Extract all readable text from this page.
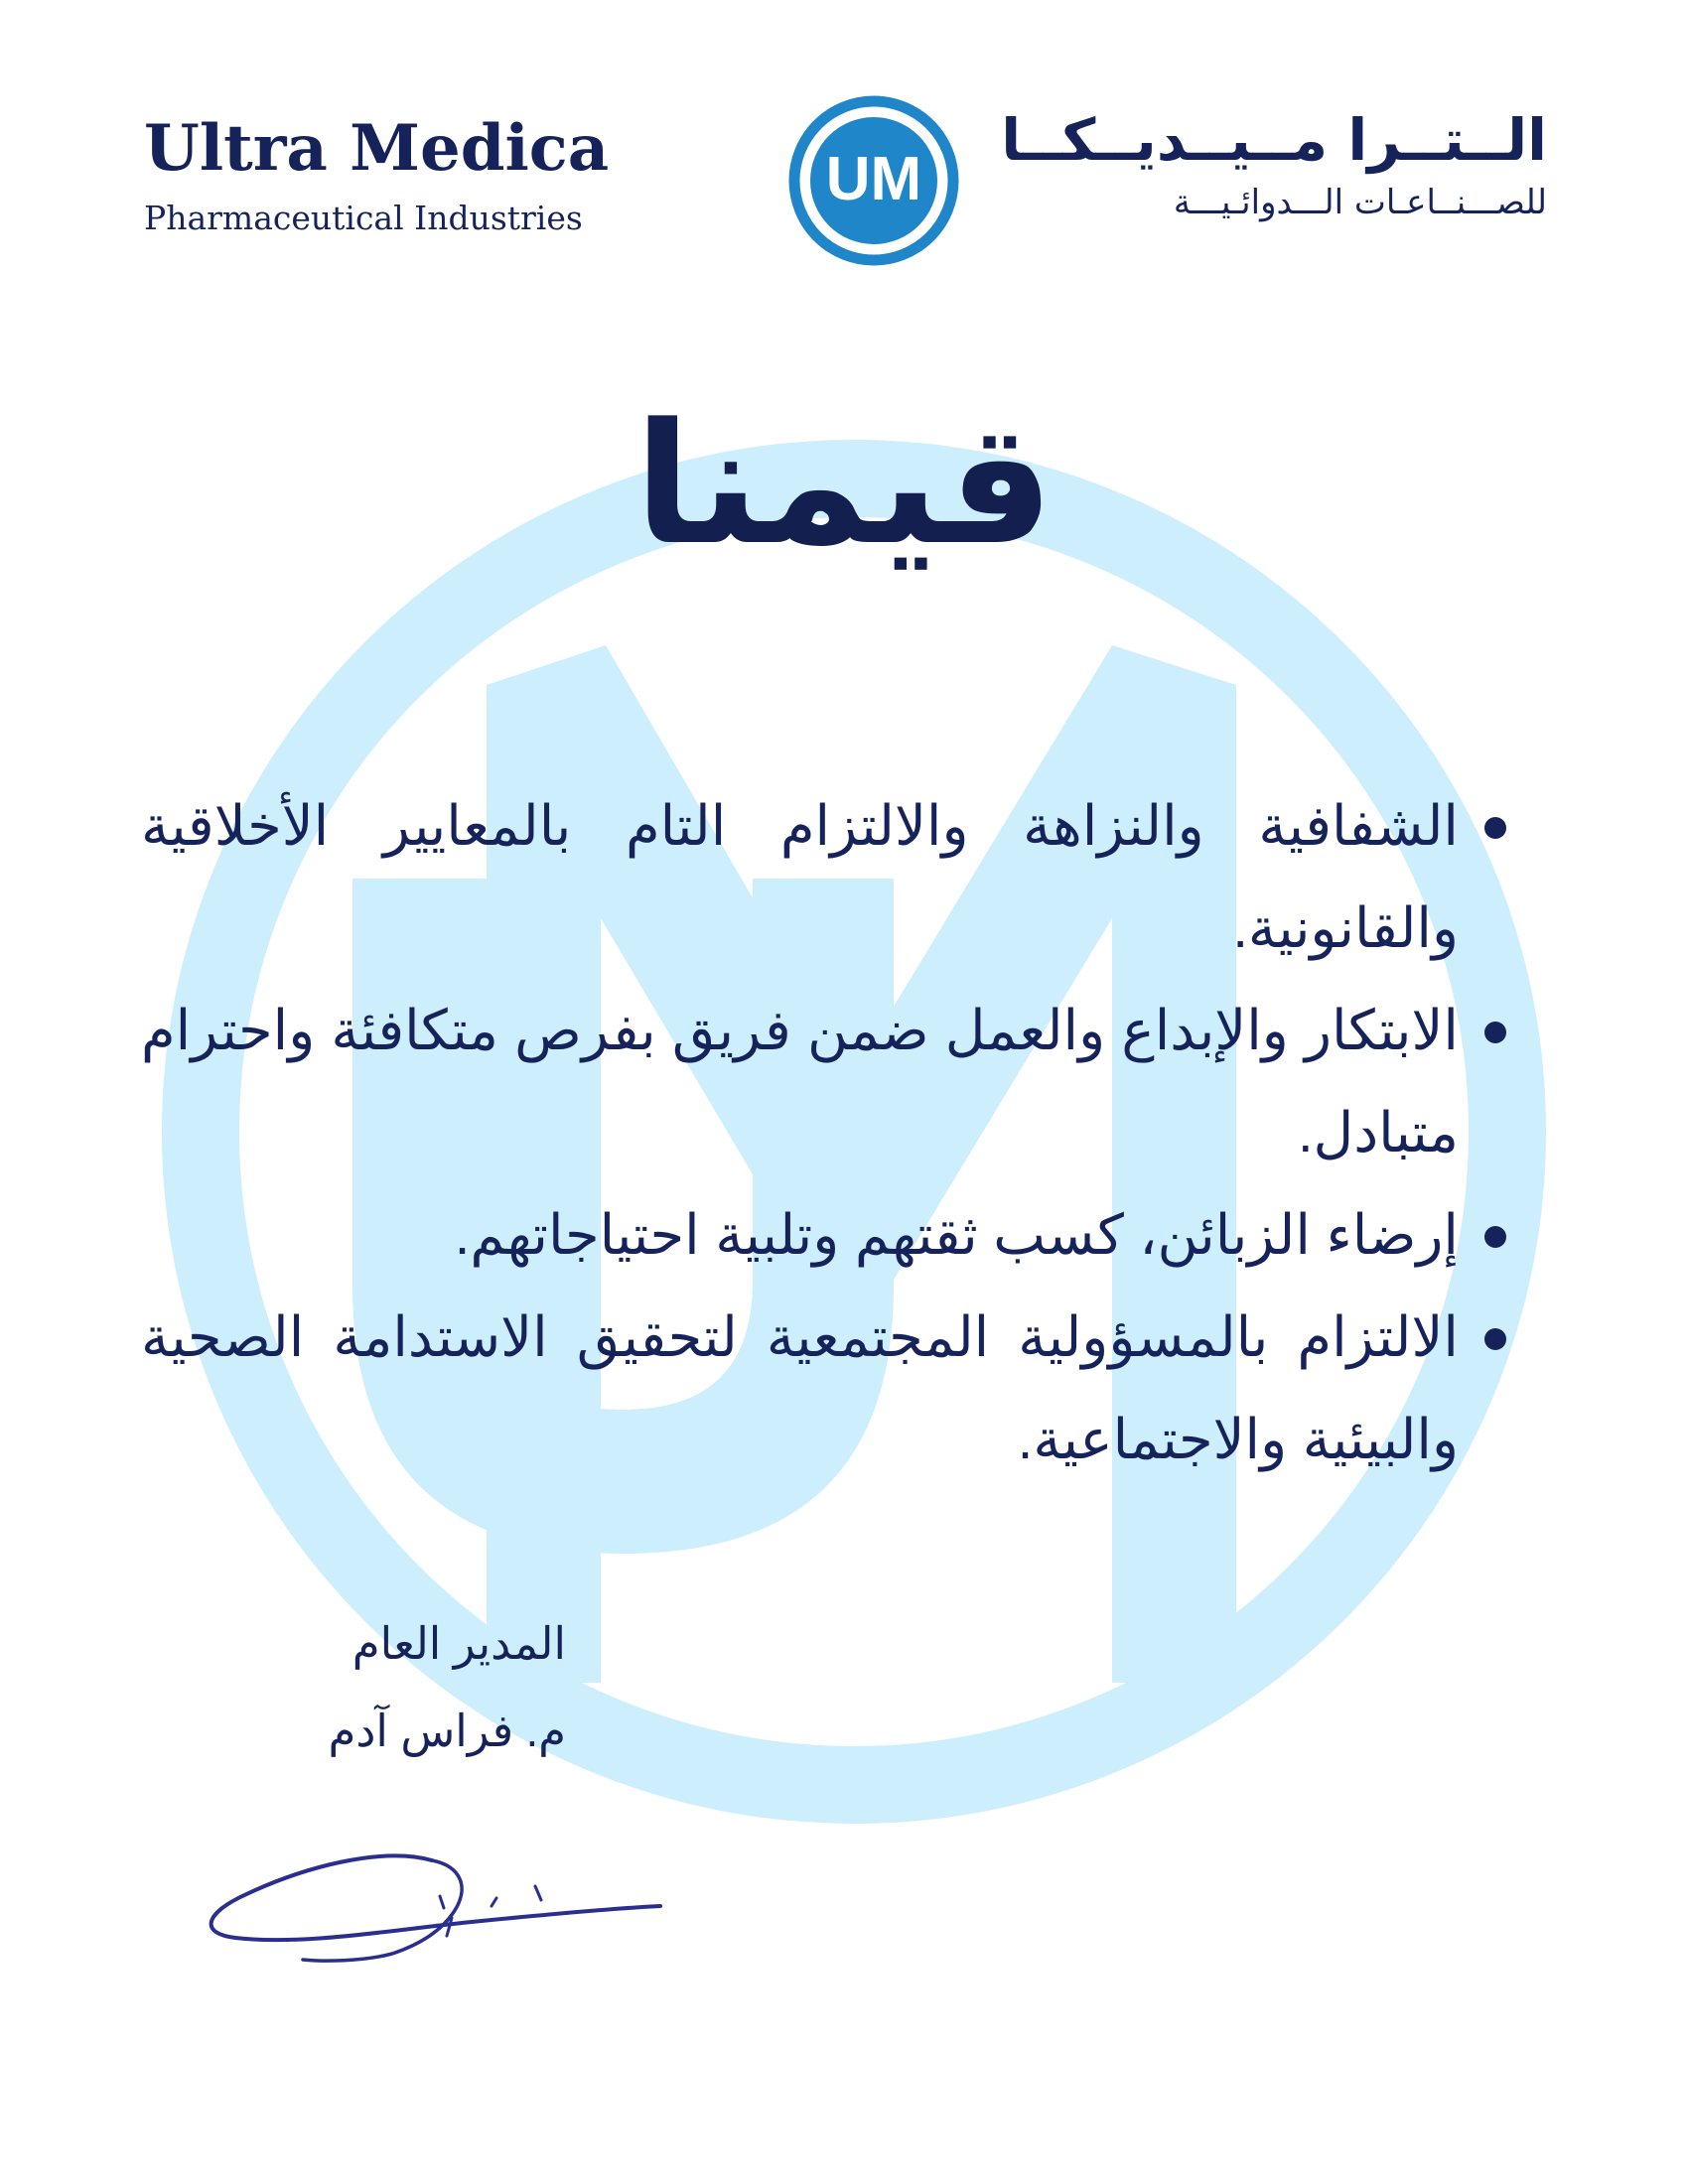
Ultra Medica
Pharmaceutical Industries
UM
الــتــرا مــيــديــكــا
للصـــنــاعـات الـــدوائـيـــة
قيمنا
الشفافية والنزاهة والالتزام التام بالمعايير الأخلاقية والقانونية.
الابتكار والإبداع والعمل ضمن فريق بفرص متكافئة واحترام متبادل.
إرضاء الزبائن، كسب ثقتهم وتلبية احتياجاتهم.
الالتزام بالمسؤولية المجتمعية لتحقيق الاستدامة الصحية والبيئية والاجتماعية.
المدير العام
م. فراس آدم
